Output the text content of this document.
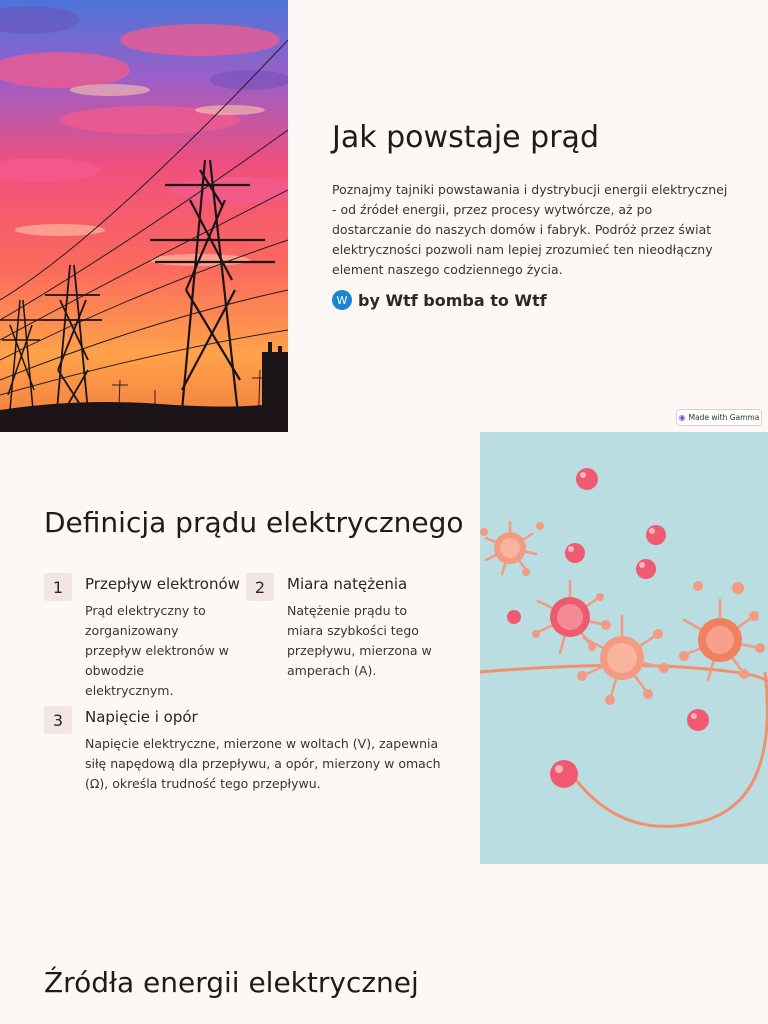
Jak powstaje prąd

Poznajmy tajniki powstawania i dystrybucji energii elektrycznej - od źródeł energii, przez procesy wytwórcze, aż po dostarczanie do naszych domów i fabryk. Podróż przez świat elektryczności pozwoli nam lepiej zrozumieć ten nieodłączny element naszego codziennego życia.

W by Wtf bomba to Wtf
◉ Made with Gamma
Definicja prądu elektrycznego
1	Przepływ elektronów

Prąd elektryczny to zorganizowany przepływ elektronów w obwodzie elektrycznym.

2	Miara natężenia

Natężenie prądu to miara szybkości tego przepływu, mierzona w amperach (A).

3	Napięcie i opór

Napięcie elektryczne, mierzone w woltach (V), zapewnia siłę napędową dla przepływu, a opór, mierzony w omach (Ω), określa trudność tego przepływu.

Źródła energii elektrycznej
